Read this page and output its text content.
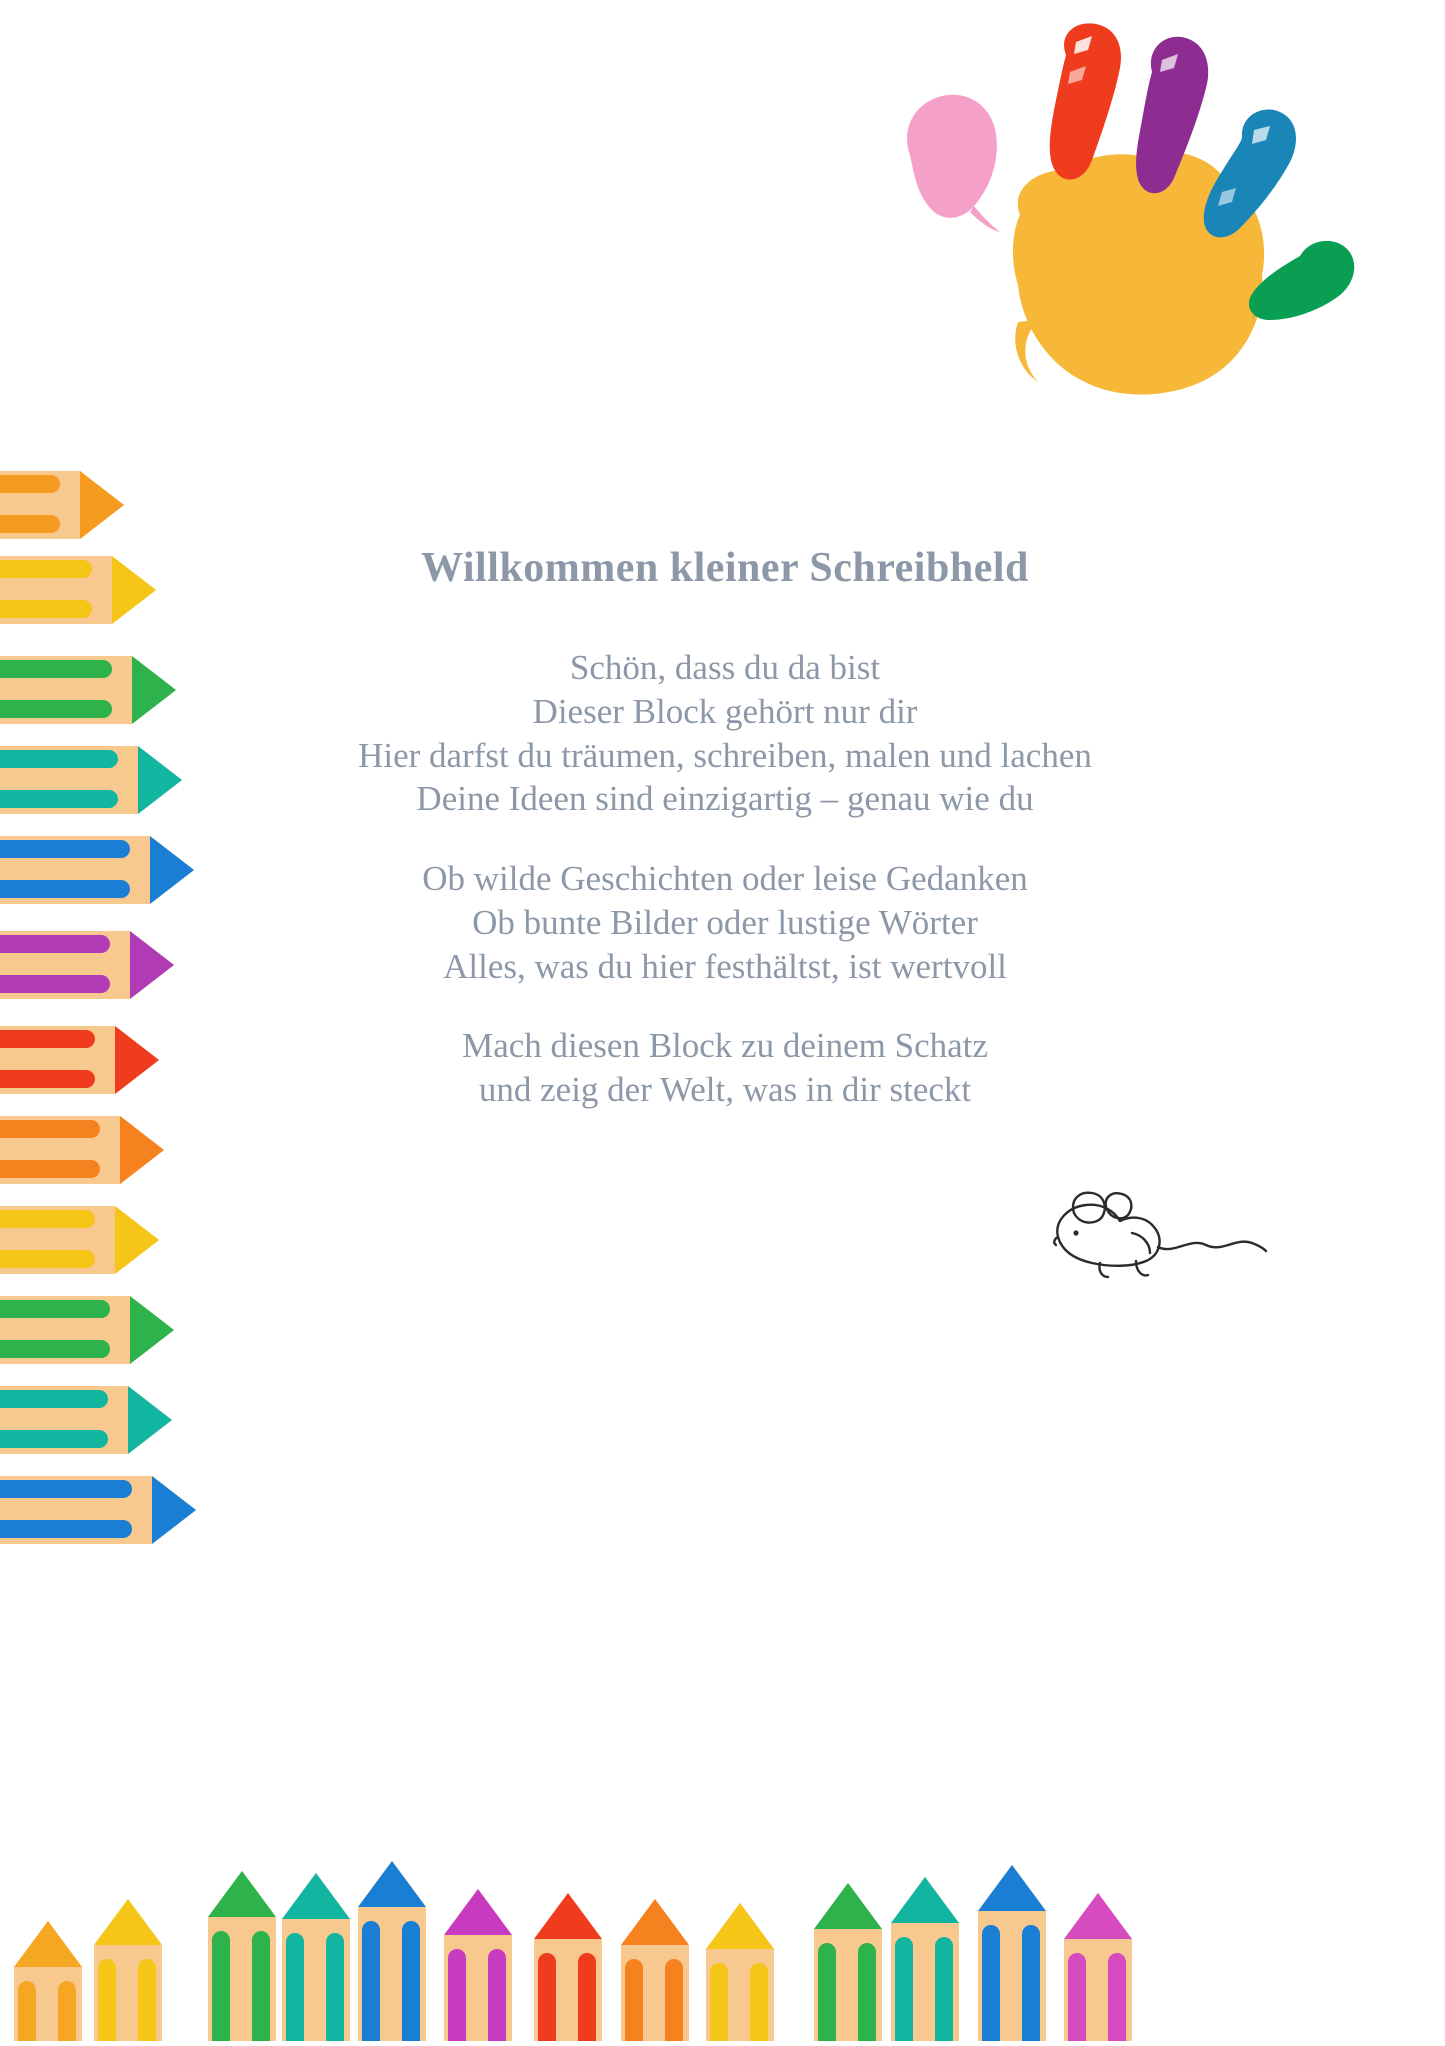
Willkommen kleiner Schreibheld
Schön, dass du da bist
Dieser Block gehört nur dir
Hier darfst du träumen, schreiben, malen und lachen
Deine Ideen sind einzigartig – genau wie du
Ob wilde Geschichten oder leise Gedanken
Ob bunte Bilder oder lustige Wörter
Alles, was du hier festhältst, ist wertvoll
Mach diesen Block zu deinem Schatz
und zeig der Welt, was in dir steckt
